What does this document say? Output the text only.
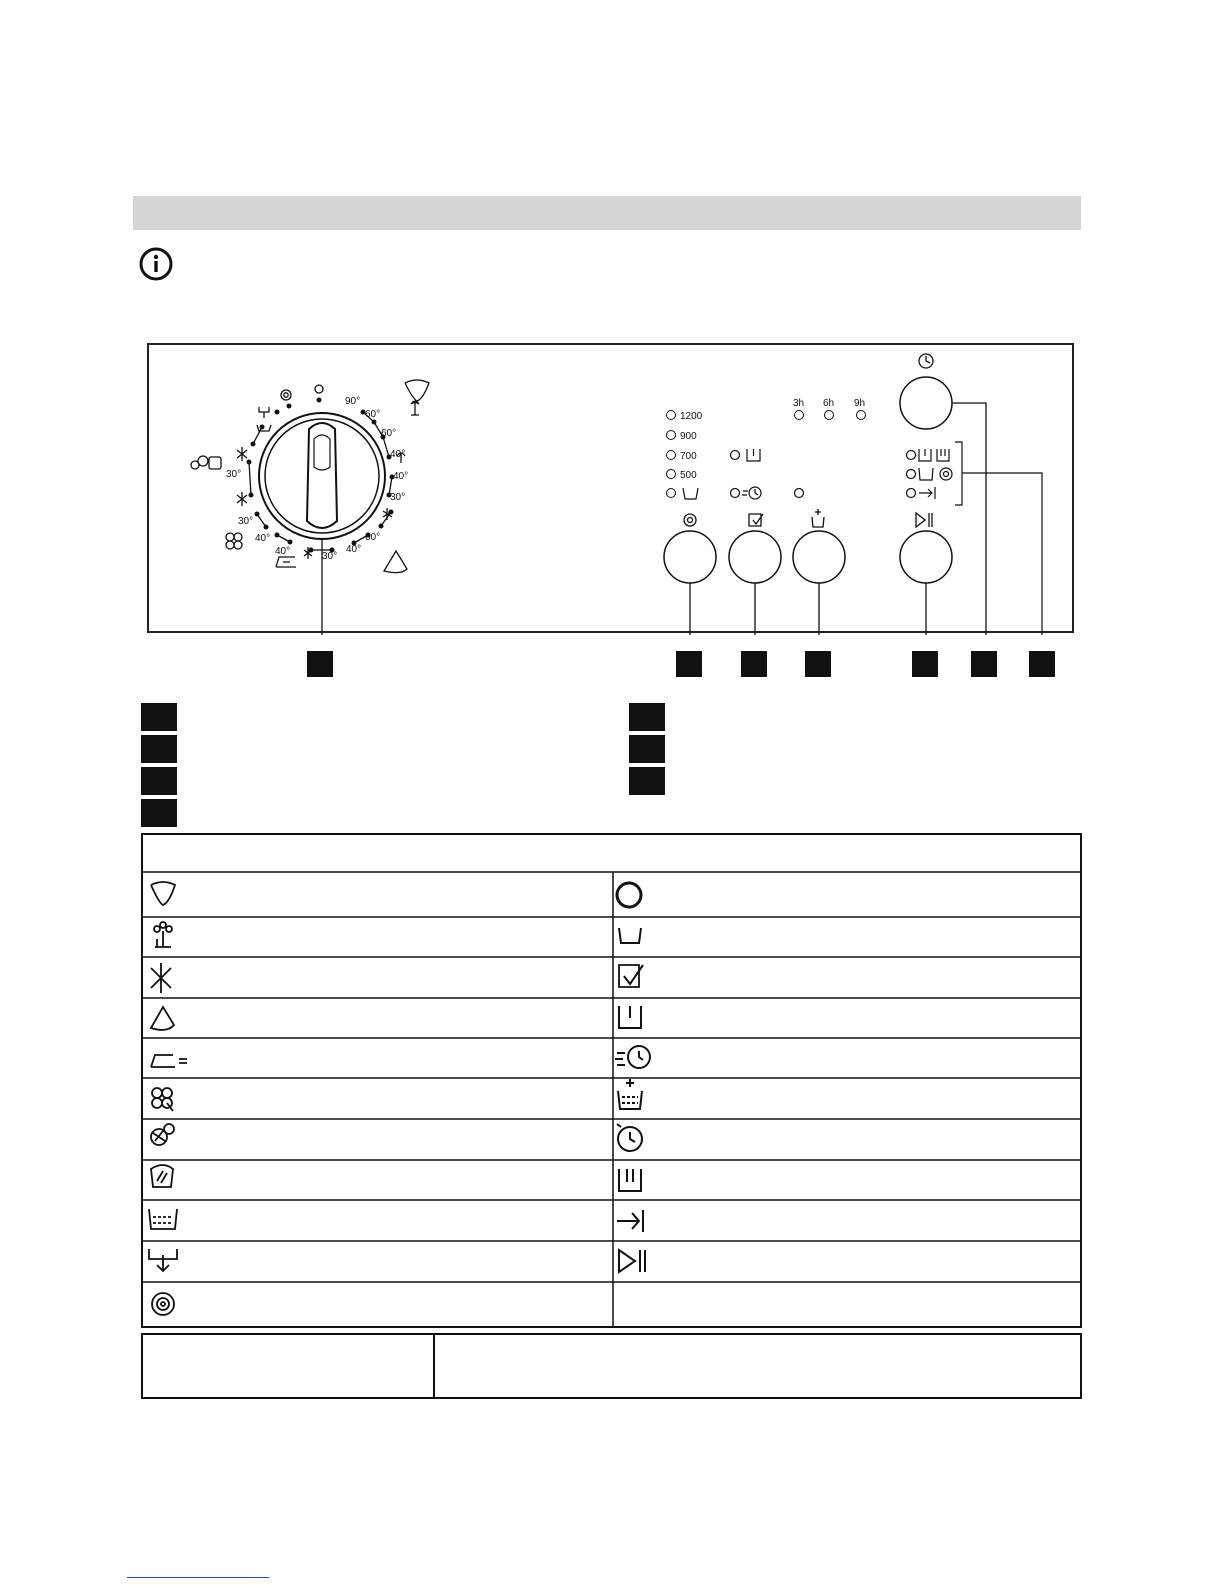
90°
60°
60°
40°
40°
30°
60°
40°
30°
40°
40°
30°
30°
1200
900
700
500
3h 6h 9h
